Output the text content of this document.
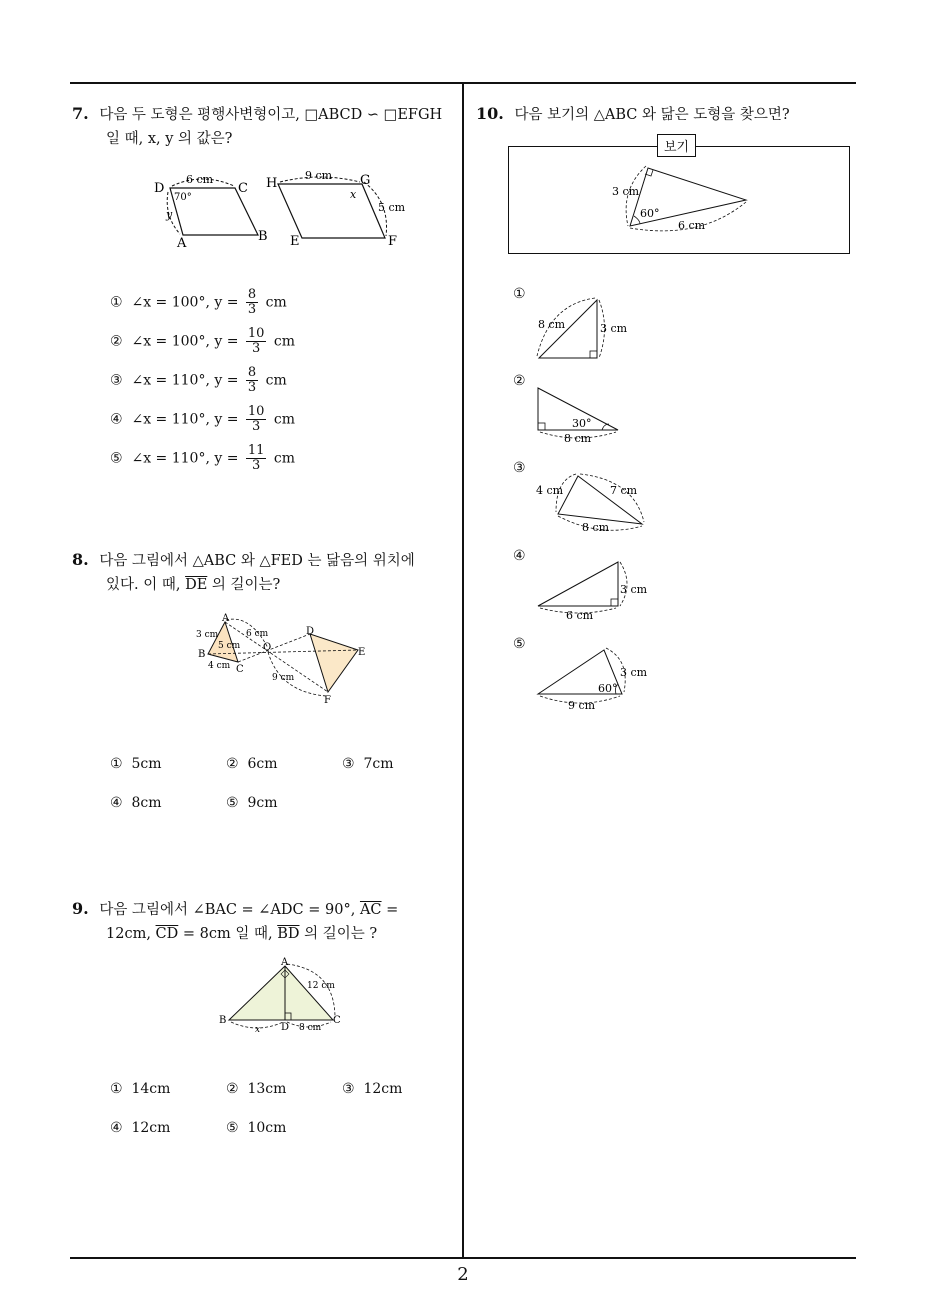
7. 다음 두 도형은 평행사변형이고, □ABCD ∽ □EFGH
일 때, x, y 의 값은?
D	C
A	B
6 cm
70°
y
H	G
E	F
9 cm
5 cm
x
① ∠x = 100°, $y = \frac{8}{3}$ cm
② ∠x = 100°, $y = \frac{10}{3}$ cm
③ ∠x = 110°, $y = \frac{8}{3}$ cm
④ ∠x = 110°, $y = \frac{10}{3}$ cm
⑤ ∠x = 110°, $y = \frac{11}{3}$ cm
8. 다음 그림에서 △ABC 와 △FED 는 닮음의 위치에
있다. 이 때, $\overline{DE}$ 의 길이는?
A
B
C
O
D
E
F
3 cm
5 cm
4 cm
6 cm
9 cm
① 5cm	② 6cm	③ 7cm
④ 8cm	⑤ 9cm
9. 다음 그림에서 ∠BAC = ∠ADC = 90°, $\overline{AC}$ =
12cm, $\overline{CD} = 8cm$ 일 때, $\overline{BD}$ 의 길이는 ?
A
B	C
D
12 cm
8 cm
x
① 14cm	② 13cm	③ 12cm
④ 12cm	⑤ 10cm
10. 다음 보기의 △ABC 와 닮은 도형을 찾으면?
보기
3 cm
60°
6 cm
①
8 cm	3 cm
②
30°
8 cm
③
4 cm	7 cm
8 cm
④
3 cm
6 cm
⑤
3 cm
60°
9 cm
2
